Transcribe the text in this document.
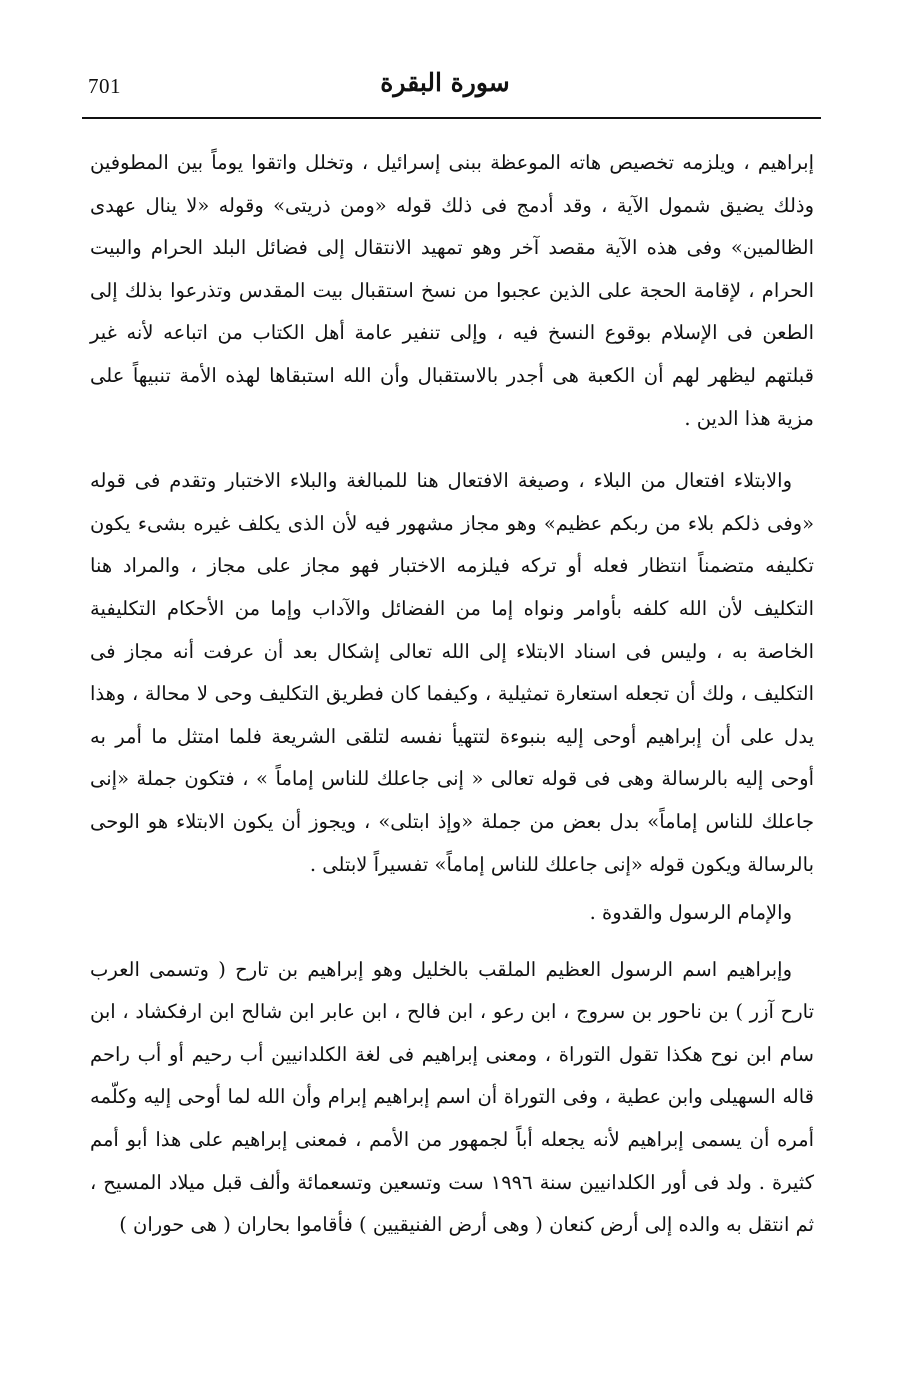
701	سورة البقرة

إبراهيم ، ويلزمه تخصيص هاته الموعظة ببنى إسرائيل ، وتخلل واتقوا يوماً بين المطوفين وذلك يضيق شمول الآية ، وقد أدمج فى ذلك قوله «ومن ذريتى» وقوله «لا ينال عهدى الظالمين» وفى هذه الآية مقصد آخر وهو تمهيد الانتقال إلى فضائل البلد الحرام والبيت الحرام ، لإقامة الحجة على الذين عجبوا من نسخ استقبال بيت المقدس وتذرعوا بذلك إلى الطعن فى الإسلام بوقوع النسخ فيه ، وإلى تنفير عامة أهل الكتاب من اتباعه لأنه غير قبلتهم ليظهر لهم أن الكعبة هى أجدر بالاستقبال وأن الله استبقاها لهذه الأمة تنبيهاً على مزية هذا الدين .

والابتلاء افتعال من البلاء ، وصيغة الافتعال هنا للمبالغة والبلاء الاختبار وتقدم فى قوله «وفى ذلكم بلاء من ربكم عظيم» وهو مجاز مشهور فيه لأن الذى يكلف غيره بشىء يكون تكليفه متضمناً انتظار فعله أو تركه فيلزمه الاختبار فهو مجاز على مجاز ، والمراد هنا التكليف لأن الله كلفه بأوامر ونواه إما من الفضائل والآداب وإما من الأحكام التكليفية الخاصة به ، وليس فى اسناد الابتلاء إلى الله تعالى إشكال بعد أن عرفت أنه مجاز فى التكليف ، ولك أن تجعله استعارة تمثيلية ، وكيفما كان فطريق التكليف وحى لا محالة ، وهذا يدل على أن إبراهيم أوحى إليه بنبوءة لتتهيأ نفسه لتلقى الشريعة فلما امتثل ما أمر به أوحى إليه بالرسالة وهى فى قوله تعالى « إنى جاعلك للناس إماماً » ، فتكون جملة «إنى جاعلك للناس إماماً» بدل بعض من جملة «وإذ ابتلى» ، ويجوز أن يكون الابتلاء هو الوحى بالرسالة ويكون قوله «إنى جاعلك للناس إماماً» تفسيراً لابتلى .

والإمام الرسول والقدوة .

وإبراهيم اسم الرسول العظيم الملقب بالخليل وهو إبراهيم بن تارح ( وتسمى العرب تارح آزر ) بن ناحور بن سروج ، ابن رعو ، ابن فالح ، ابن عابر ابن شالح ابن ارفكشاد ، ابن سام ابن نوح هكذا تقول التوراة ، ومعنى إبراهيم فى لغة الكلدانيين أب رحيم أو أب راحم قاله السهيلى وابن عطية ، وفى التوراة أن اسم إبراهيم إبرام وأن الله لما أوحى إليه وكلّمه أمره أن يسمى إبراهيم لأنه يجعله أباً لجمهور من الأمم ، فمعنى إبراهيم على هذا أبو أمم كثيرة . ولد فى أور الكلدانيين سنة ١٩٩٦ ست وتسعين وتسعمائة وألف قبل ميلاد المسيح ، ثم انتقل به والده إلى أرض كنعان ( وهى أرض الفنيقيين ) فأقاموا بحاران ( هى حوران )
